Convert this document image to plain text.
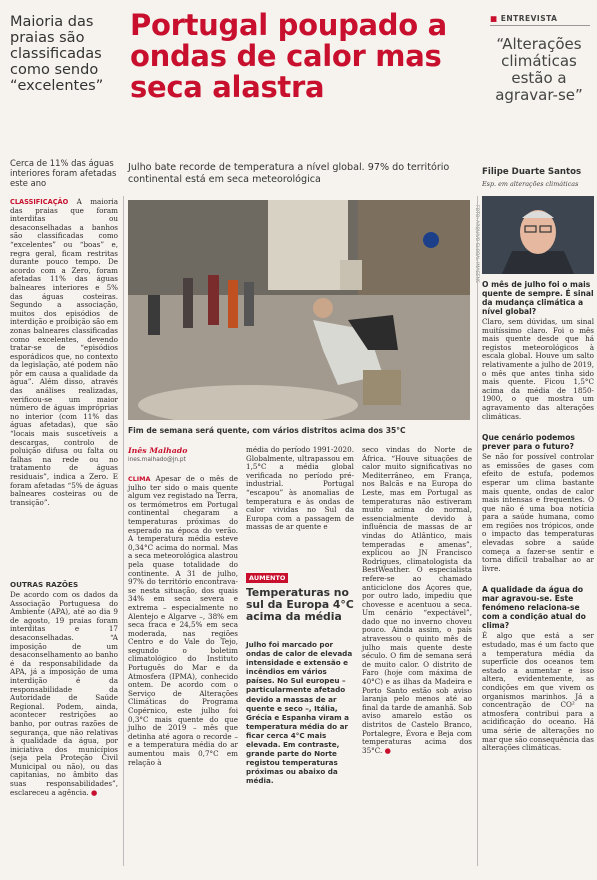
Maioria das praias são classificadas como sendo “excelentes”
Portugal poupado a ondas de calor mas seca alastra
■ ENTREVISTA
“Alterações climáticas estão a agravar-se”
Cerca de 11% das águas interiores foram afetadas este ano
Julho bate recorde de temperatura a nível global. 97% do território continental está em seca meteorológica
Filipe Duarte Santos
Esp. em alterações climáticas
CLASSIFICAÇÃO A maioria das praias que foram interditas ou desaconselhadas a banhos são classificadas como “excelentes” ou “boas” e, regra geral, ficam restritas durante pouco tempo. De acordo com a Zero, foram afetadas 11% das águas balneares interiores e 5% das águas costeiras. Segundo a associação, muitos dos episódios de interdição e proibição são em zonas balneares classificadas como excelentes, devendo tratar-se de “episódios esporádicos que, no contexto da legislação, até podem não pôr em causa a qualidade da água”. Além disso, através das análises realizadas, verificou-se um maior número de águas impróprias no interior (com 11% das águas afetadas), que são “locais mais suscetíveis a descargas, controlo de poluição difusa ou falta ou falhas na rede ou no tratamento de águas residuais”, indica a Zero. E foram afetadas “5% de águas balneares costeiras ou de transição”.
OUTRAS RAZÕES
De acordo com os dados da Associação Portuguesa do Ambiente (APA), até ao dia 9 de agosto, 19 praias foram interditas e 17 desaconselhadas. “A imposição de um desaconselhamento ao banho é da responsabilidade da APA, já a imposição de uma interdição é da responsabilidade da Autoridade de Saúde Regional. Podem, ainda, acontecer restrições ao banho, por outras razões de segurança, que não relativas à qualidade da água, por iniciativa dos municípios (seja pela Proteção Civil Municipal ou não), ou das capitanias, no âmbito das suas responsabilidades”, esclareceu a agência. ●
Fim de semana será quente, com vários distritos acima dos 35°C
Inês Malhado
ines.malhado@jn.pt
CLIMA Apesar de o mês de julho ter sido o mais quente algum vez registado na Terra, os termómetros em Portugal continental chegaram a temperaturas próximas do esperado na época do verão. A temperatura média esteve 0,34°C acima do normal. Mas a seca meteorológica alastrou pela quase totalidade do continente. A 31 de julho, 97% do território encontrava-se nesta situação, dos quais 34% em seca severa e extrema – especialmente no Alentejo e Algarve –, 38% em seca fraca e 24,5% em seca moderada, nas regiões Centro e do Vale do Tejo, segundo o boletim climatológico do Instituto Português do Mar e da Atmosfera (IPMA), conhecido ontem. De acordo com o Serviço de Alterações Climáticas do Programa Copérnico, este julho foi 0,3°C mais quente do que julho de 2019 – mês que detinha até agora o recorde – e a temperatura média do ar aumentou mais 0,7°C em relação à
média do período 1991-2020. Globalmente, ultrapassou em 1,5°C a média global verificada no período pré-industrial. Portugal “escapou” às anomalias de temperatura e às ondas de calor vividas no Sul da Europa com a passagem de massas de ar quente e
AUMENTO
Temperaturas no sul da Europa 4°C acima da média
Julho foi marcado por ondas de calor de elevada intensidade e extensão e incêndios em vários países. No Sul europeu – particularmente afetado devido a massas de ar quente e seco –, Itália, Grécia e Espanha viram a temperatura média do ar ficar cerca 4°C mais elevada. Em contraste, grande parte do Norte registou temperaturas próximas ou abaixo da média.
seco vindas do Norte de África. “Houve situações de calor muito significativas no Mediterrâneo, em França, nos Balcãs e na Europa do Leste, mas em Portugal as temperaturas não estiveram muito acima do normal, essencialmente devido à influência de massas de ar vindas do Atlântico, mais temperadas e amenas”, explicou ao JN Francisco Rodrigues, climatologista da BestWeather. O especialista refere-se ao chamado anticiclone dos Açores que, por outro lado, impediu que chovesse e acentuou a seca. Um cenário “expectável”, dado que no inverno choveu pouco. Ainda assim, o país atravessou o quinto mês de julho mais quente deste século. O fim de semana será de muito calor. O distrito de Faro (hoje com máxima de 40°C) e as ilhas da Madeira e Porto Santo estão sob aviso laranja pelo menos até ao final da tarde de amanhã. Sob aviso amarelo estão os distritos de Castelo Branco, Portalegre, Évora e Beja com temperaturas acima dos 35°C. ●
O mês de julho foi o mais quente de sempre. É sinal da mudança climática a nível global?
Claro, sem dúvidas, um sinal muitíssimo claro. Foi o mês mais quente desde que há registos meteorológicos à escala global. Houve um salto relativamente a julho de 2019, o mês que antes tinha sido mais quente. Ficou 1,5°C acima da média de 1850-1900, o que mostra um agravamento das alterações climáticas.
Que cenário podemos prever para o futuro?
Se não for possível controlar as emissões de gases com efeito de estufa, podemos esperar um clima bastante mais quente, ondas de calor mais intensas e frequentes. O que não é uma boa notícia para a saúde humana, como em regiões nos trópicos, onde o impacto das temperaturas elevadas sobre a saúde começa a fazer-se sentir e torna difícil trabalhar ao ar livre.
A qualidade da água do mar agravou-se. Este fenómeno relaciona-se com a condição atual do clima?
É algo que está a ser estudado, mas é um facto que a temperatura média da superfície dos oceanos tem estado a aumentar e isso altera, evidentemente, as condições em que vivem os organismos marinhos. Já a concentração de CO² na atmosfera contribui para a acidificação do oceano. Há uma série de alterações no mar que são consequência das alterações climáticas.
